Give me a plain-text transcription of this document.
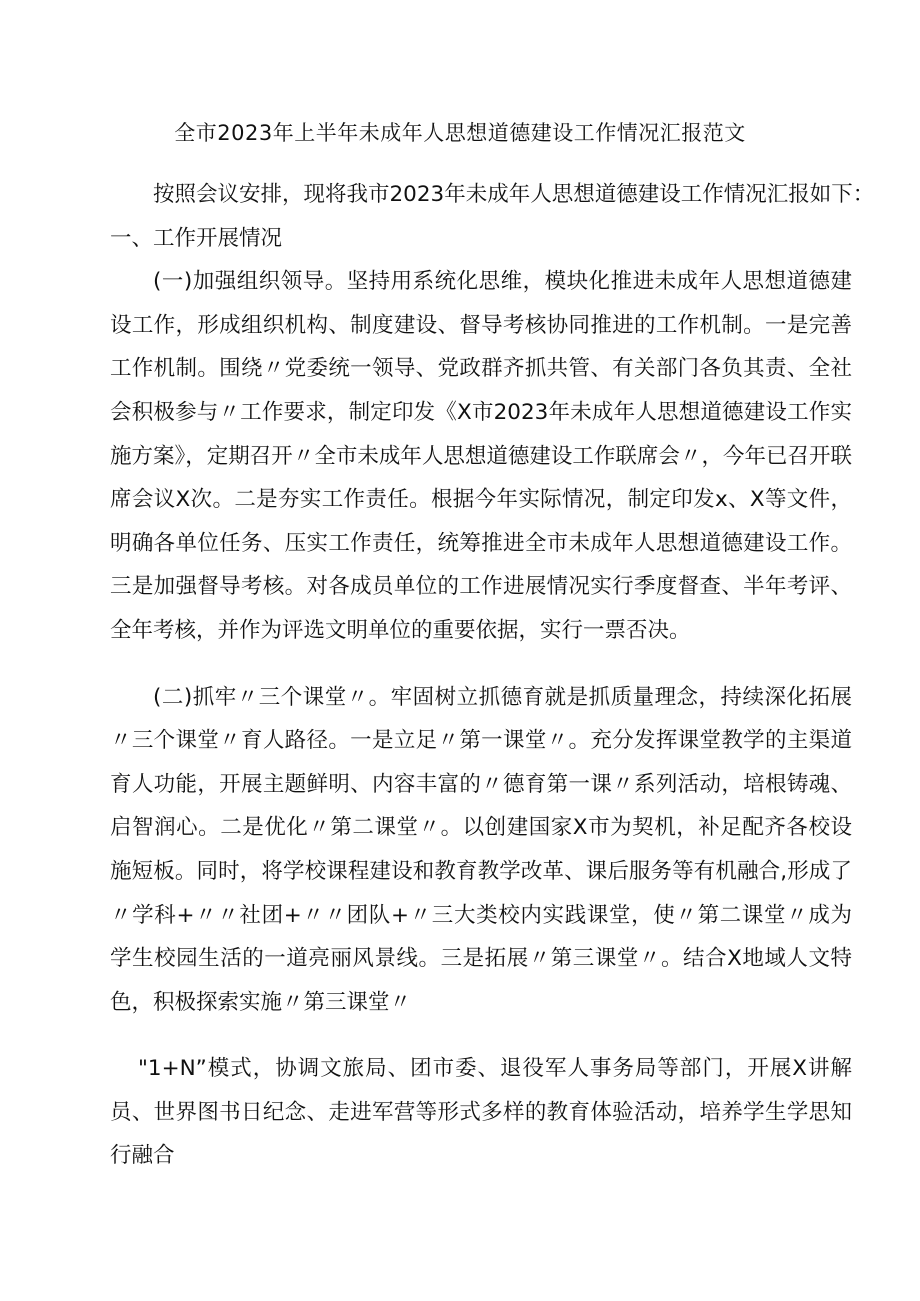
全市2023年上半年未成年人思想道德建设工作情况汇报范文

按照会议安排，现将我市2023年未成年人思想道德建设工作情况汇报如下：

一、工作开展情况

(一)加强组织领导。坚持用系统化思维，模块化推进未成年人思想道德建设工作，形成组织机构、制度建设、督导考核协同推进的工作机制。一是完善工作机制。围绕〃党委统一领导、党政群齐抓共管、有关部门各负其责、全社会积极参与〃工作要求，制定印发《X市2023年未成年人思想道德建设工作实施方案》，定期召开〃全市未成年人思想道德建设工作联席会〃，今年已召开联席会议X次。二是夯实工作责任。根据今年实际情况，制定印发x、X等文件，明确各单位任务、压实工作责任，统筹推进全市未成年人思想道德建设工作。三是加强督导考核。对各成员单位的工作进展情况实行季度督查、半年考评、全年考核，并作为评选文明单位的重要依据，实行一票否决。

(二)抓牢〃三个课堂〃。牢固树立抓德育就是抓质量理念，持续深化拓展〃三个课堂〃育人路径。一是立足〃第一课堂〃。充分发挥课堂教学的主渠道育人功能，开展主题鲜明、内容丰富的〃德育第一课〃系列活动，培根铸魂、启智润心。二是优化〃第二课堂〃。以创建国家X市为契机，补足配齐各校设施短板。同时，将学校课程建设和教育教学改革、课后服务等有机融合,形成了〃学科+〃〃社团+〃〃团队+〃三大类校内实践课堂，使〃第二课堂〃成为学生校园生活的一道亮丽风景线。三是拓展〃第三课堂〃。结合X地域人文特色，积极探索实施〃第三课堂〃

"1+N”模式，协调文旅局、团市委、退役军人事务局等部门，开展X讲解员、世界图书日纪念、走进军营等形式多样的教育体验活动，培养学生学思知行融合
